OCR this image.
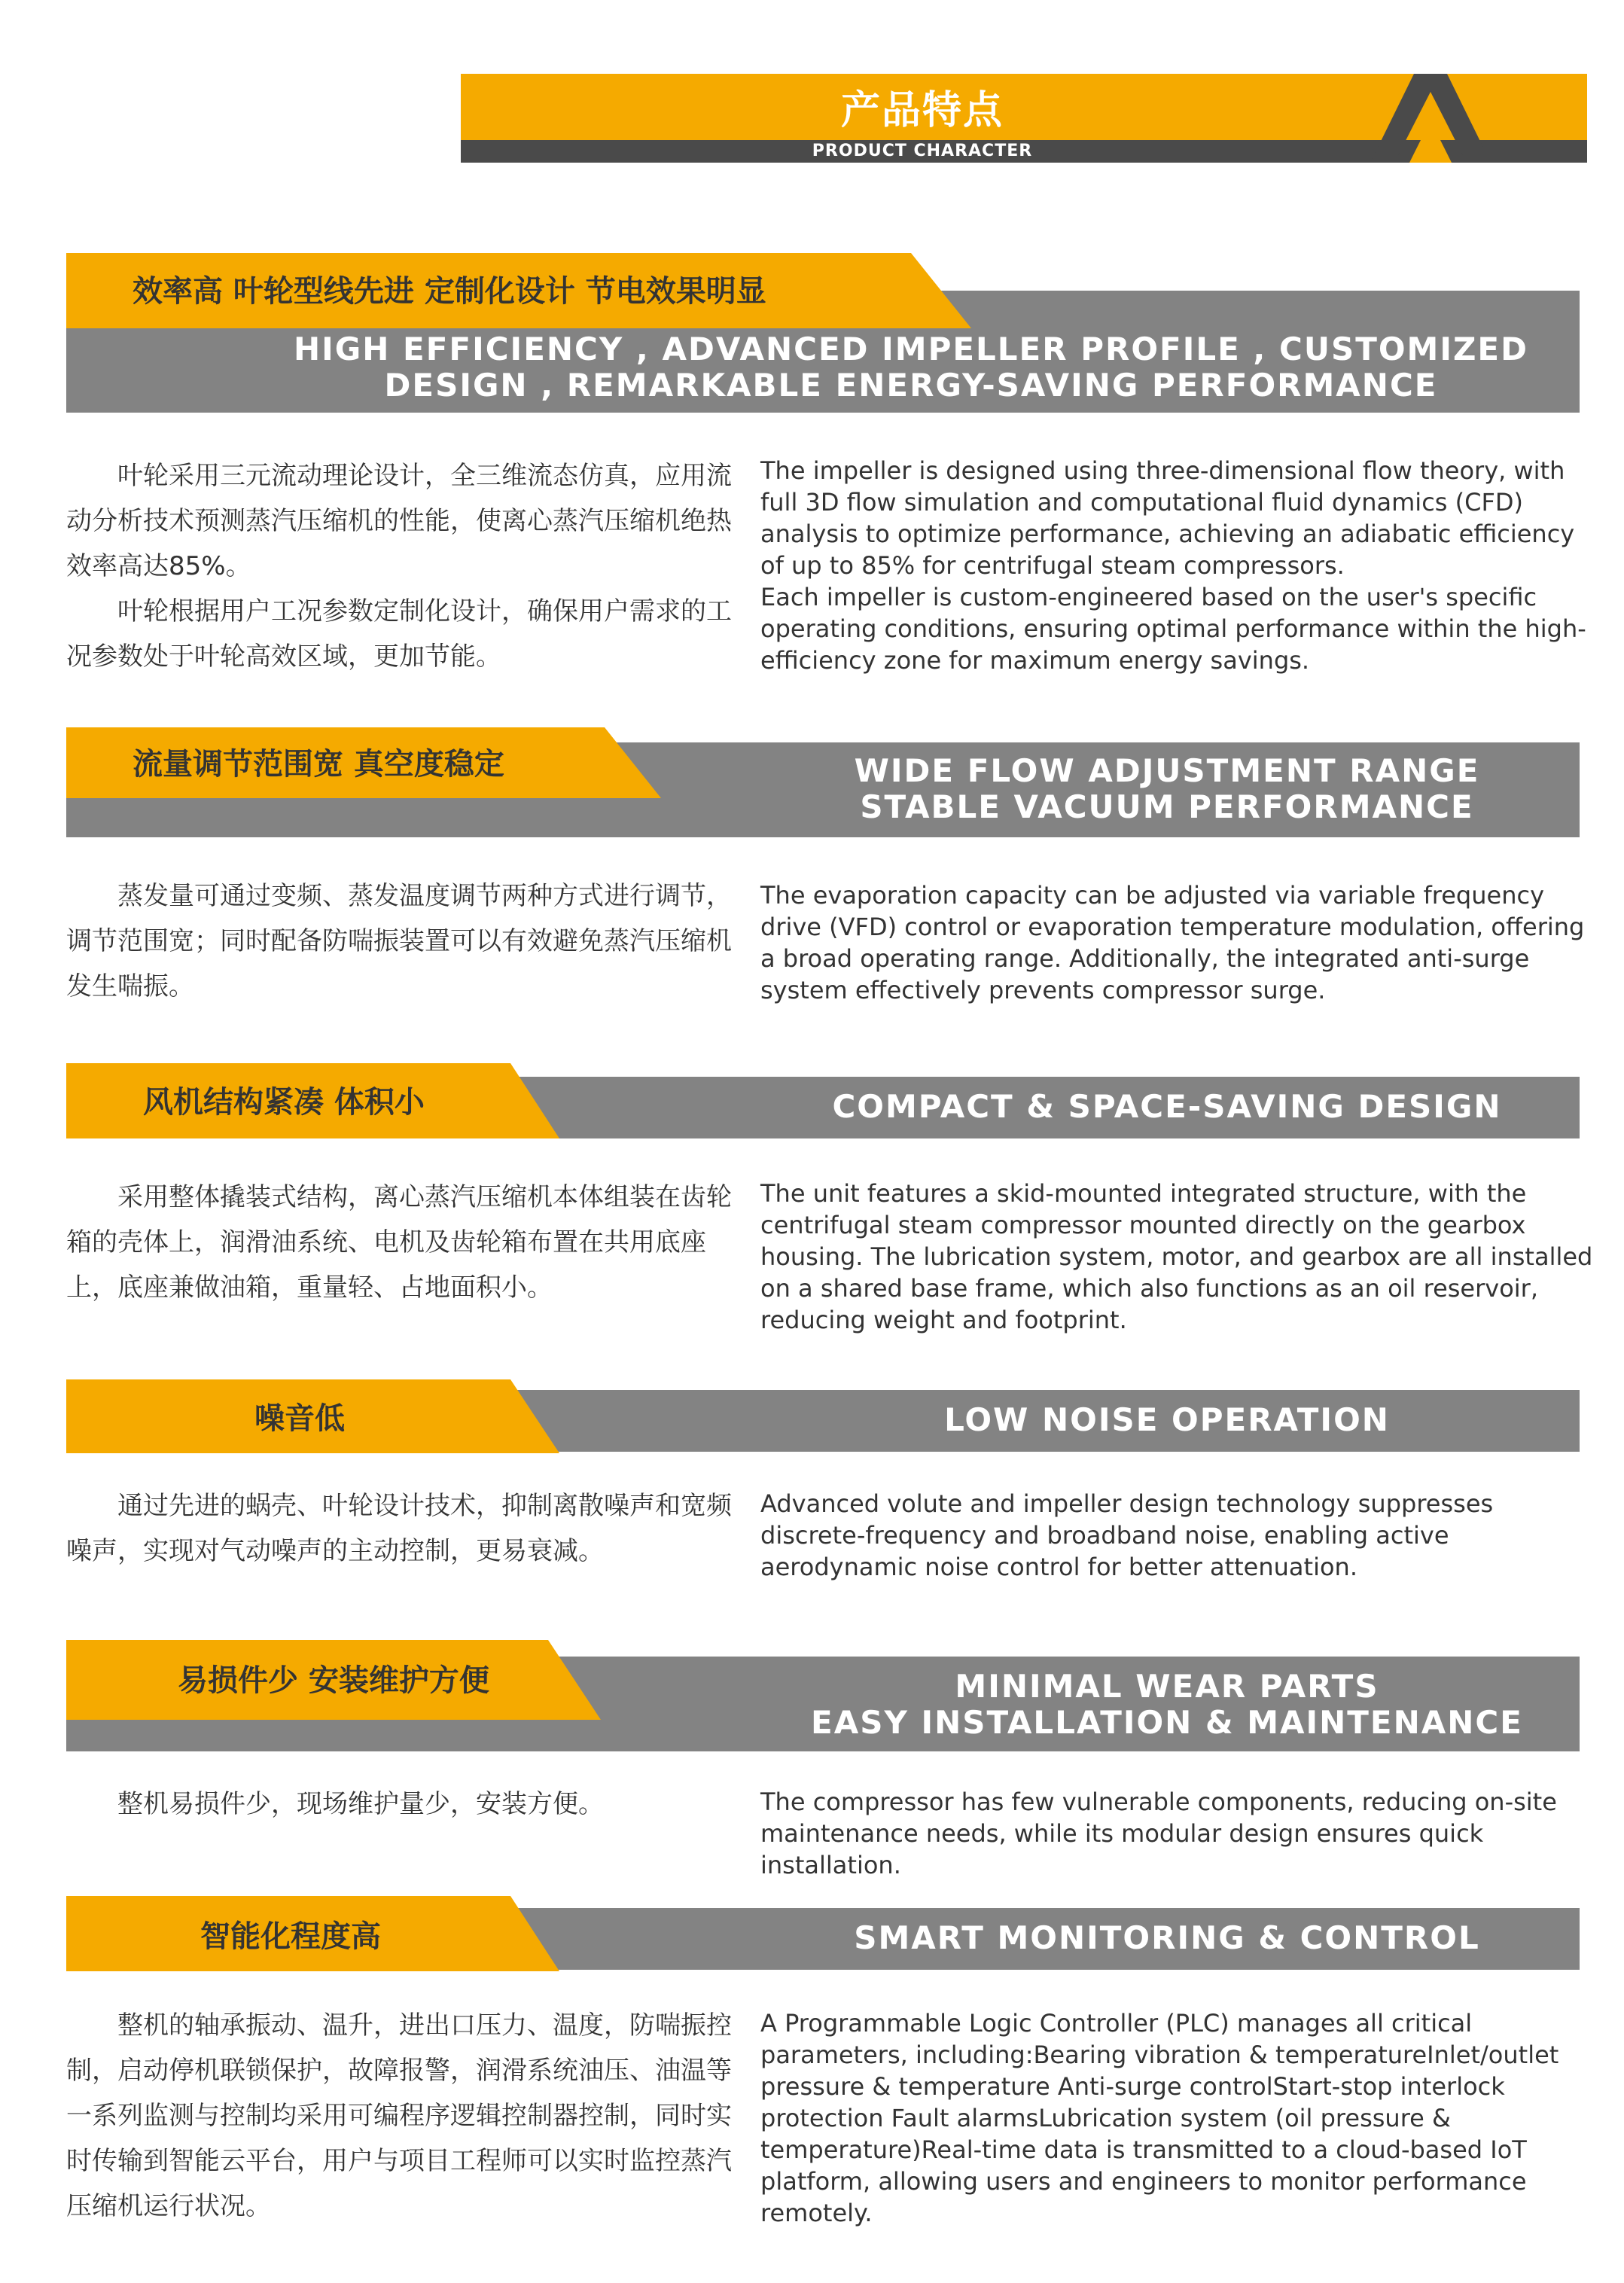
产品特点
PRODUCT CHARACTER
效率高 叶轮型线先进 定制化设计 节电效果明显
HIGH EFFICIENCY , ADVANCED IMPELLER PROFILE , CUSTOMIZED
DESIGN , REMARKABLE ENERGY-SAVING PERFORMANCE

叶轮采用三元流动理论设计，全三维流态仿真，应用流动分析技术预测蒸汽压缩机的性能，使离心蒸汽压缩机绝热效率高达85%。

叶轮根据用户工况参数定制化设计，确保用户需求的工况参数处于叶轮高效区域，更加节能。

The impeller is designed using three-dimensional flow theory, with full 3D flow simulation and computational fluid dynamics (CFD) analysis to optimize performance, achieving an adiabatic efficiency of up to 85% for centrifugal steam compressors.

Each impeller is custom-engineered based on the user's specific operating conditions, ensuring optimal performance within the high-efficiency zone for maximum energy savings.

流量调节范围宽 真空度稳定	WIDE FLOW ADJUSTMENT RANGE
STABLE VACUUM PERFORMANCE

蒸发量可通过变频、蒸发温度调节两种方式进行调节，调节范围宽；同时配备防喘振装置可以有效避免蒸汽压缩机发生喘振。

The evaporation capacity can be adjusted via variable frequency drive (VFD) control or evaporation temperature modulation, offering a broad operating range. Additionally, the integrated anti-surge system effectively prevents compressor surge.

风机结构紧凑 体积小	COMPACT & SPACE-SAVING DESIGN

采用整体撬装式结构，离心蒸汽压缩机本体组装在齿轮箱的壳体上，润滑油系统、电机及齿轮箱布置在共用底座上，底座兼做油箱，重量轻、占地面积小。

The unit features a skid-mounted integrated structure, with the centrifugal steam compressor mounted directly on the gearbox housing. The lubrication system, motor, and gearbox are all installed on a shared base frame, which also functions as an oil reservoir, reducing weight and footprint.

噪音低	LOW NOISE OPERATION

通过先进的蜗壳、叶轮设计技术，抑制离散噪声和宽频噪声，实现对气动噪声的主动控制，更易衰减。

Advanced volute and impeller design technology suppresses discrete-frequency and broadband noise, enabling active aerodynamic noise control for better attenuation.

易损件少 安装维护方便	MINIMAL WEAR PARTS
EASY INSTALLATION & MAINTENANCE

整机易损件少，现场维护量少，安装方便。	The compressor has few vulnerable components, reducing on-site maintenance needs, while its modular design ensures quick installation.

智能化程度高	SMART MONITORING & CONTROL

整机的轴承振动、温升，进出口压力、温度，防喘振控制，启动停机联锁保护，故障报警，润滑系统油压、油温等一系列监测与控制均采用可编程序逻辑控制器控制，同时实时传输到智能云平台，用户与项目工程师可以实时监控蒸汽压缩机运行状况。

A Programmable Logic Controller (PLC) manages all critical parameters, including:Bearing vibration & temperatureInlet/outlet pressure & temperature Anti-surge controlStart-stop interlock protection Fault alarmsLubrication system (oil pressure & temperature)Real-time data is transmitted to a cloud-based IoT platform, allowing users and engineers to monitor performance remotely.
